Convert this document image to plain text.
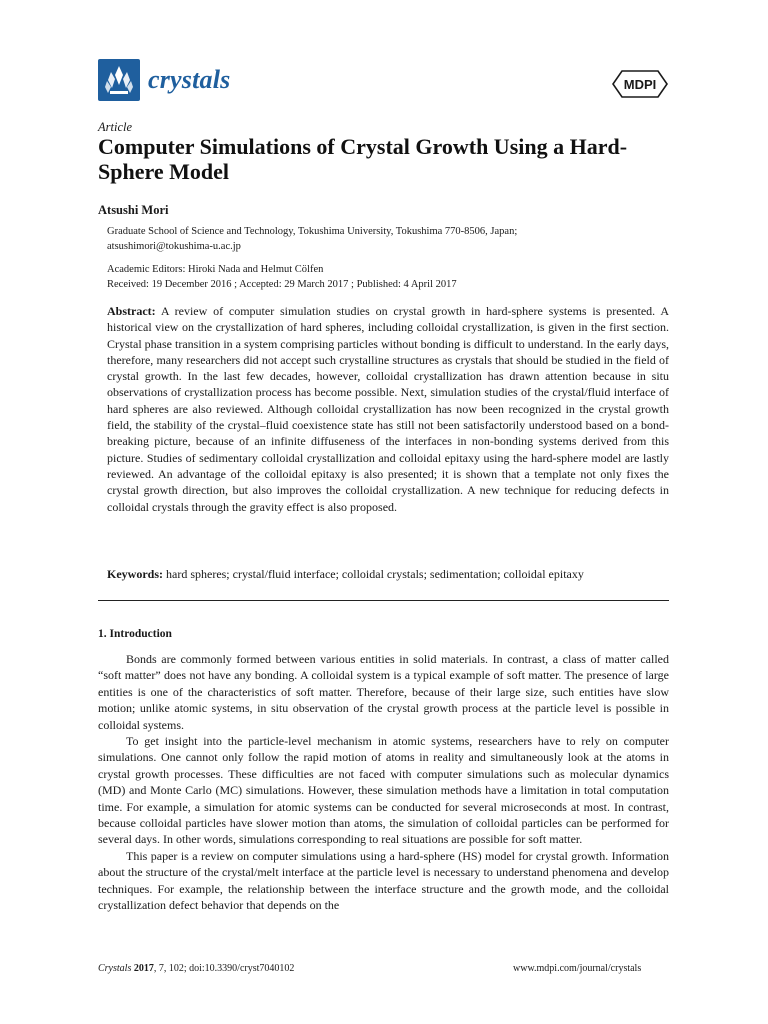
crystals	MDPI
Article
Computer Simulations of Crystal Growth Using a Hard-Sphere Model
Atsushi Mori
Graduate School of Science and Technology, Tokushima University, Tokushima 770-8506, Japan;
atsushimori@tokushima-u.ac.jp
Academic Editors: Hiroki Nada and Helmut Cölfen
Received: 19 December 2016 ; Accepted: 29 March 2017 ; Published: 4 April 2017
Abstract: A review of computer simulation studies on crystal growth in hard-sphere systems is presented. A historical view on the crystallization of hard spheres, including colloidal crystallization, is given in the first section. Crystal phase transition in a system comprising particles without bonding is difficult to understand. In the early days, therefore, many researchers did not accept such crystalline structures as crystals that should be studied in the field of crystal growth. In the last few decades, however, colloidal crystallization has drawn attention because in situ observations of crystallization process has become possible. Next, simulation studies of the crystal/fluid interface of hard spheres are also reviewed. Although colloidal crystallization has now been recognized in the crystal growth field, the stability of the crystal–fluid coexistence state has still not been satisfactorily understood based on a bond-breaking picture, because of an infinite diffuseness of the interfaces in non-bonding systems derived from this picture. Studies of sedimentary colloidal crystallization and colloidal epitaxy using the hard-sphere model are lastly reviewed. An advantage of the colloidal epitaxy is also presented; it is shown that a template not only fixes the crystal growth direction, but also improves the colloidal crystallization. A new technique for reducing defects in colloidal crystals through the gravity effect is also proposed.
Keywords: hard spheres; crystal/fluid interface; colloidal crystals; sedimentation; colloidal epitaxy
1. Introduction

Bonds are commonly formed between various entities in solid materials. In contrast, a class of matter called “soft matter” does not have any bonding. A colloidal system is a typical example of soft matter. The presence of large entities is one of the characteristics of soft matter. Therefore, because of their large size, such entities have slow motion; unlike atomic systems, in situ observation of the crystal growth process at the particle level is possible in colloidal systems.

To get insight into the particle-level mechanism in atomic systems, researchers have to rely on computer simulations. One cannot only follow the rapid motion of atoms in reality and simultaneously look at the atoms in crystal growth processes. These difficulties are not faced with computer simulations such as molecular dynamics (MD) and Monte Carlo (MC) simulations. However, these simulation methods have a limitation in total computation time. For example, a simulation for atomic systems can be conducted for several microseconds at most. In contrast, because colloidal particles have slower motion than atoms, the simulation of colloidal particles can be performed for several days. In other words, simulations corresponding to real situations are possible for soft matter.

This paper is a review on computer simulations using a hard-sphere (HS) model for crystal growth. Information about the structure of the crystal/melt interface at the particle level is necessary to understand phenomena and develop techniques. For example, the relationship between the interface structure and the growth mode, and the colloidal crystallization defect behavior that depends on the

Crystals 2017, 7, 102; doi:10.3390/cryst7040102	www.mdpi.com/journal/crystals
